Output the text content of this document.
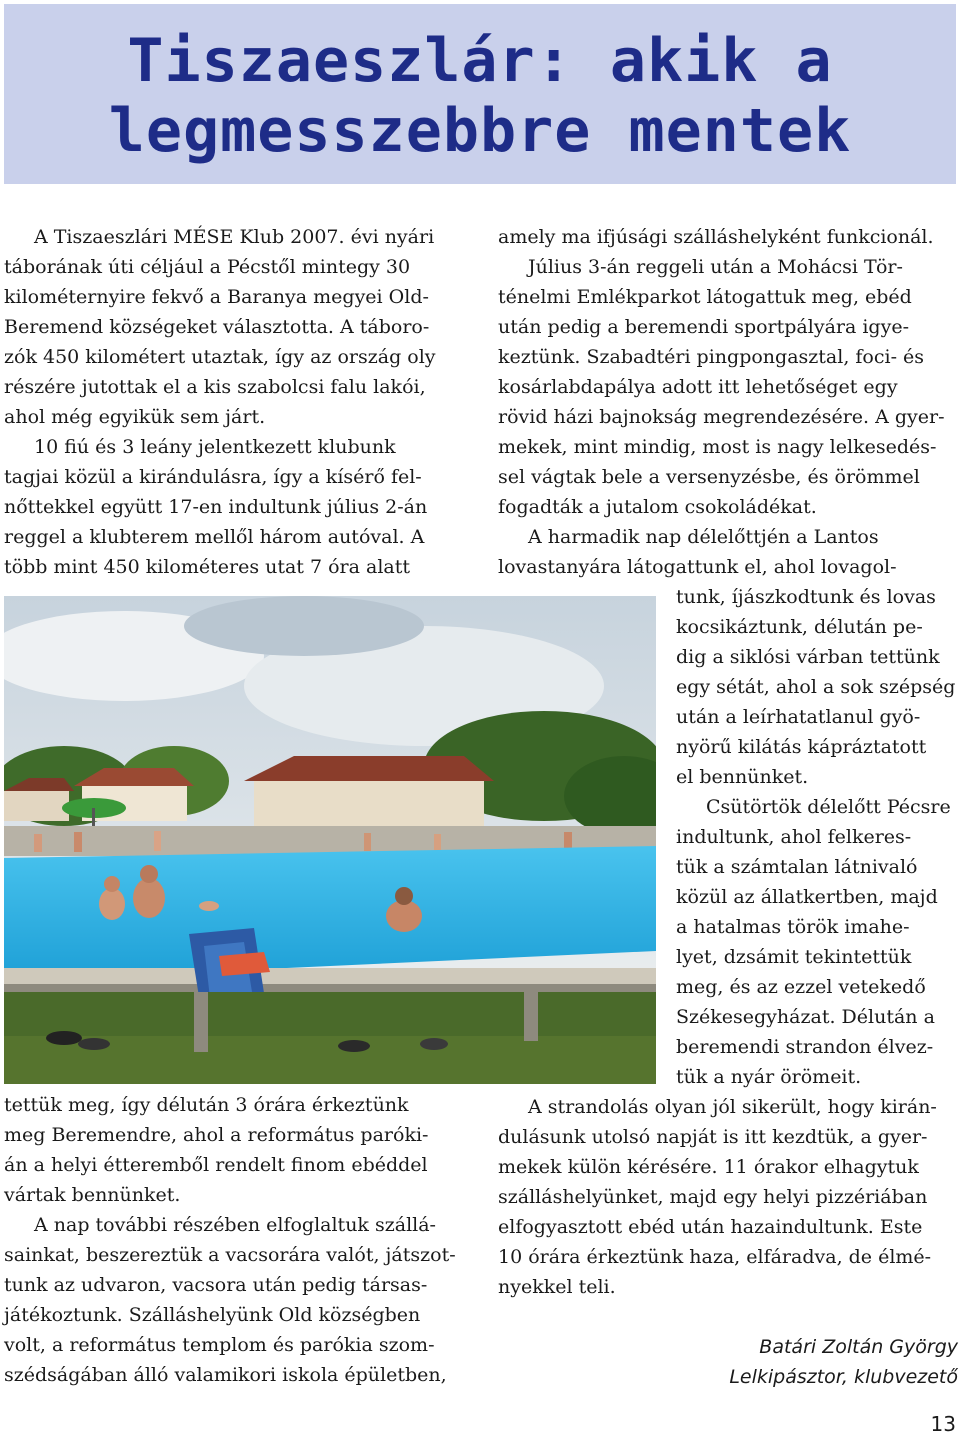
Tiszaeszlár: akik a
legmesszebbre mentek
A Tiszaeszlári MÉSE Klub 2007. évi nyári
táborának úti céljául a Pécstől mintegy 30
kilométernyire fekvő a Baranya megyei Old-
Beremend községeket választotta. A táboro-
zók 450 kilométert utaztak, így az ország oly
részére jutottak el a kis szabolcsi falu lakói,
ahol még egyikük sem járt.
10 fiú és 3 leány jelentkezett klubunk
tagjai közül a kirándulásra, így a kísérő fel-
nőttekkel együtt 17-en indultunk július 2-án
reggel a klubterem mellől három autóval. A
több mint 450 kilométeres utat 7 óra alatt
tettük meg, így délután 3 órára érkeztünk
meg Beremendre, ahol a református paróki-
án a helyi étteremből rendelt finom ebéddel
vártak bennünket.
A nap további részében elfoglaltuk szállá-
sainkat, beszereztük a vacsorára valót, játszot-
tunk az udvaron, vacsora után pedig társas-
játékoztunk. Szálláshelyünk Old községben
volt, a református templom és parókia szom-
szédságában álló valamikori iskola épületben,
amely ma ifjúsági szálláshelyként funkcionál.
Július 3-án reggeli után a Mohácsi Tör-
ténelmi Emlékparkot látogattuk meg, ebéd
után pedig a beremendi sportpályára igye-
keztünk. Szabadtéri pingpongasztal, foci- és
kosárlabdapálya adott itt lehetőséget egy
rövid házi bajnokság megrendezésére. A gyer-
mekek, mint mindig, most is nagy lelkesedés-
sel vágtak bele a versenyzésbe, és örömmel
fogadták a jutalom csokoládékat.
A harmadik nap délelőttjén a Lantos
lovastanyára látogattunk el, ahol lovagol-
tunk, íjászkodtunk és lovas
kocsikáztunk, délután pe-
dig a siklósi várban tettünk
egy sétát, ahol a sok szépség
után a leírhatatlanul gyö-
nyörű kilátás kápráztatott
el bennünket.
Csütörtök délelőtt Pécsre
indultunk, ahol felkeres-
tük a számtalan látnivaló
közül az állatkertben, majd
a hatalmas török imahe-
lyet, dzsámit tekintettük
meg, és az ezzel vetekedő
Székesegyházat. Délután a
beremendi strandon élvez-
tük a nyár örömeit.
A strandolás olyan jól sikerült, hogy kirán-
dulásunk utolsó napját is itt kezdtük, a gyer-
mekek külön kérésére. 11 órakor elhagytuk
szálláshelyünket, majd egy helyi pizzériában
elfogyasztott ebéd után hazaindultunk. Este
10 órára érkeztünk haza, elfáradva, de élmé-
nyekkel teli.
Batári Zoltán György
Lelkipásztor, klubvezető
13
